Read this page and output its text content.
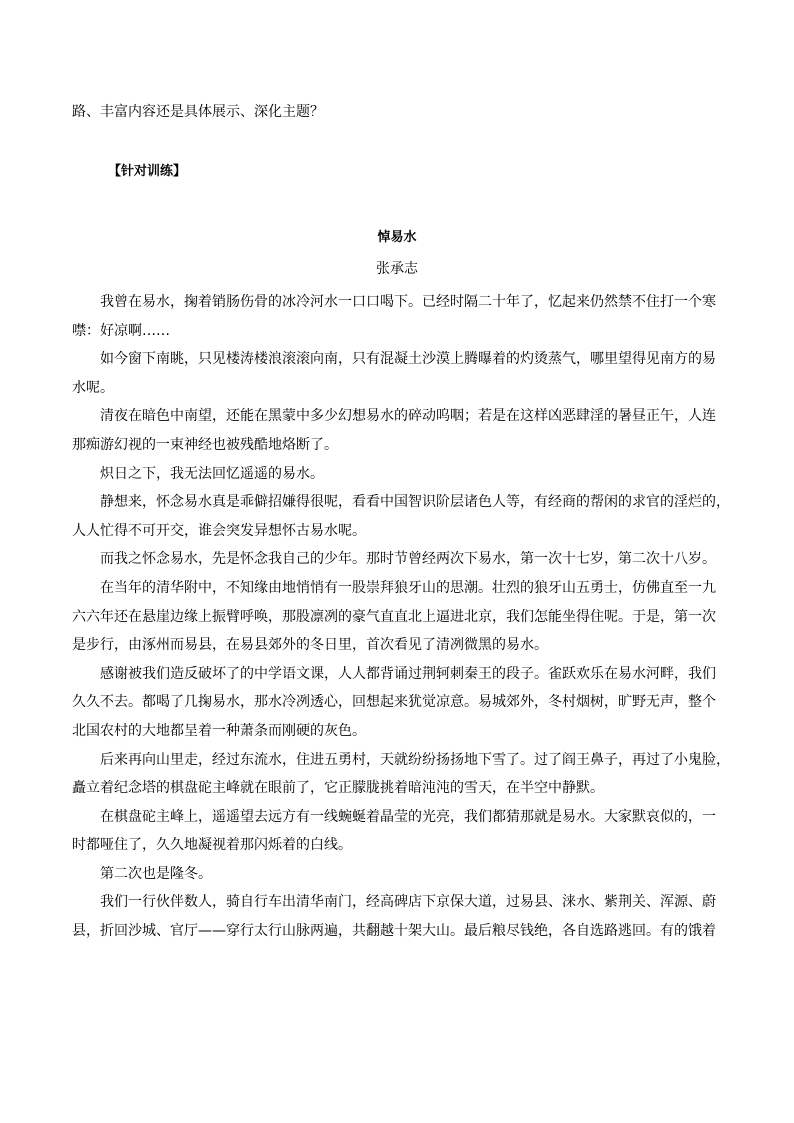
路、丰富内容还是具体展示、深化主题？
【针对训练】
悼易水
张承志

我曾在易水，掬着销肠伤骨的冰冷河水一口口喝下。已经时隔二十年了，忆起来仍然禁不住打一个寒
噤：好凉啊……

如今窗下南眺，只见楼涛楼浪滚滚向南，只有混凝土沙漠上腾曝着的灼烫蒸气，哪里望得见南方的易
水呢。

清夜在暗色中南望，还能在黑蒙中多少幻想易水的碎动呜咽；若是在这样凶恶肆淫的暑昼正午，人连
那痴游幻视的一束神经也被残酷地烙断了。

炽日之下，我无法回忆遥遥的易水。

静想来，怀念易水真是乖僻招嫌得很呢，看看中国智识阶层诸色人等，有经商的帮闲的求官的淫烂的，
人人忙得不可开交，谁会突发异想怀古易水呢。

而我之怀念易水，先是怀念我自己的少年。那时节曾经两次下易水，第一次十七岁，第二次十八岁。

在当年的清华附中，不知缘由地悄悄有一股崇拜狼牙山的思潮。壮烈的狼牙山五勇士，仿佛直至一九
六六年还在悬崖边缘上振臂呼唤，那股凛冽的豪气直直北上逼进北京，我们怎能坐得住呢。于是，第一次
是步行，由涿州而易县，在易县郊外的冬日里，首次看见了清冽微黑的易水。

感谢被我们造反破坏了的中学语文课，人人都背诵过荆轲刺秦王的段子。雀跃欢乐在易水河畔，我们
久久不去。都喝了几掬易水，那水冷冽透心，回想起来犹觉凉意。易城郊外，冬村烟树，旷野无声，整个
北国农村的大地都呈着一种萧条而刚硬的灰色。

后来再向山里走，经过东流水，住进五勇村，天就纷纷扬扬地下雪了。过了阎王鼻子，再过了小鬼脸，
矗立着纪念塔的棋盘砣主峰就在眼前了，它正朦胧挑着暗沌沌的雪天，在半空中静默。

在棋盘砣主峰上，遥遥望去远方有一线蜿蜒着晶莹的光亮，我们都猜那就是易水。大家默哀似的，一
时都哑住了，久久地凝视着那闪烁着的白线。

第二次也是隆冬。

我们一行伙伴数人，骑自行车出清华南门，经高碑店下京保大道，过易县、涞水、紫荆关、浑源、蔚
县，折回沙城、官厅——穿行太行山脉两遍，共翻越十架大山。最后粮尽钱绝，各自选路逃回。有的饿着
